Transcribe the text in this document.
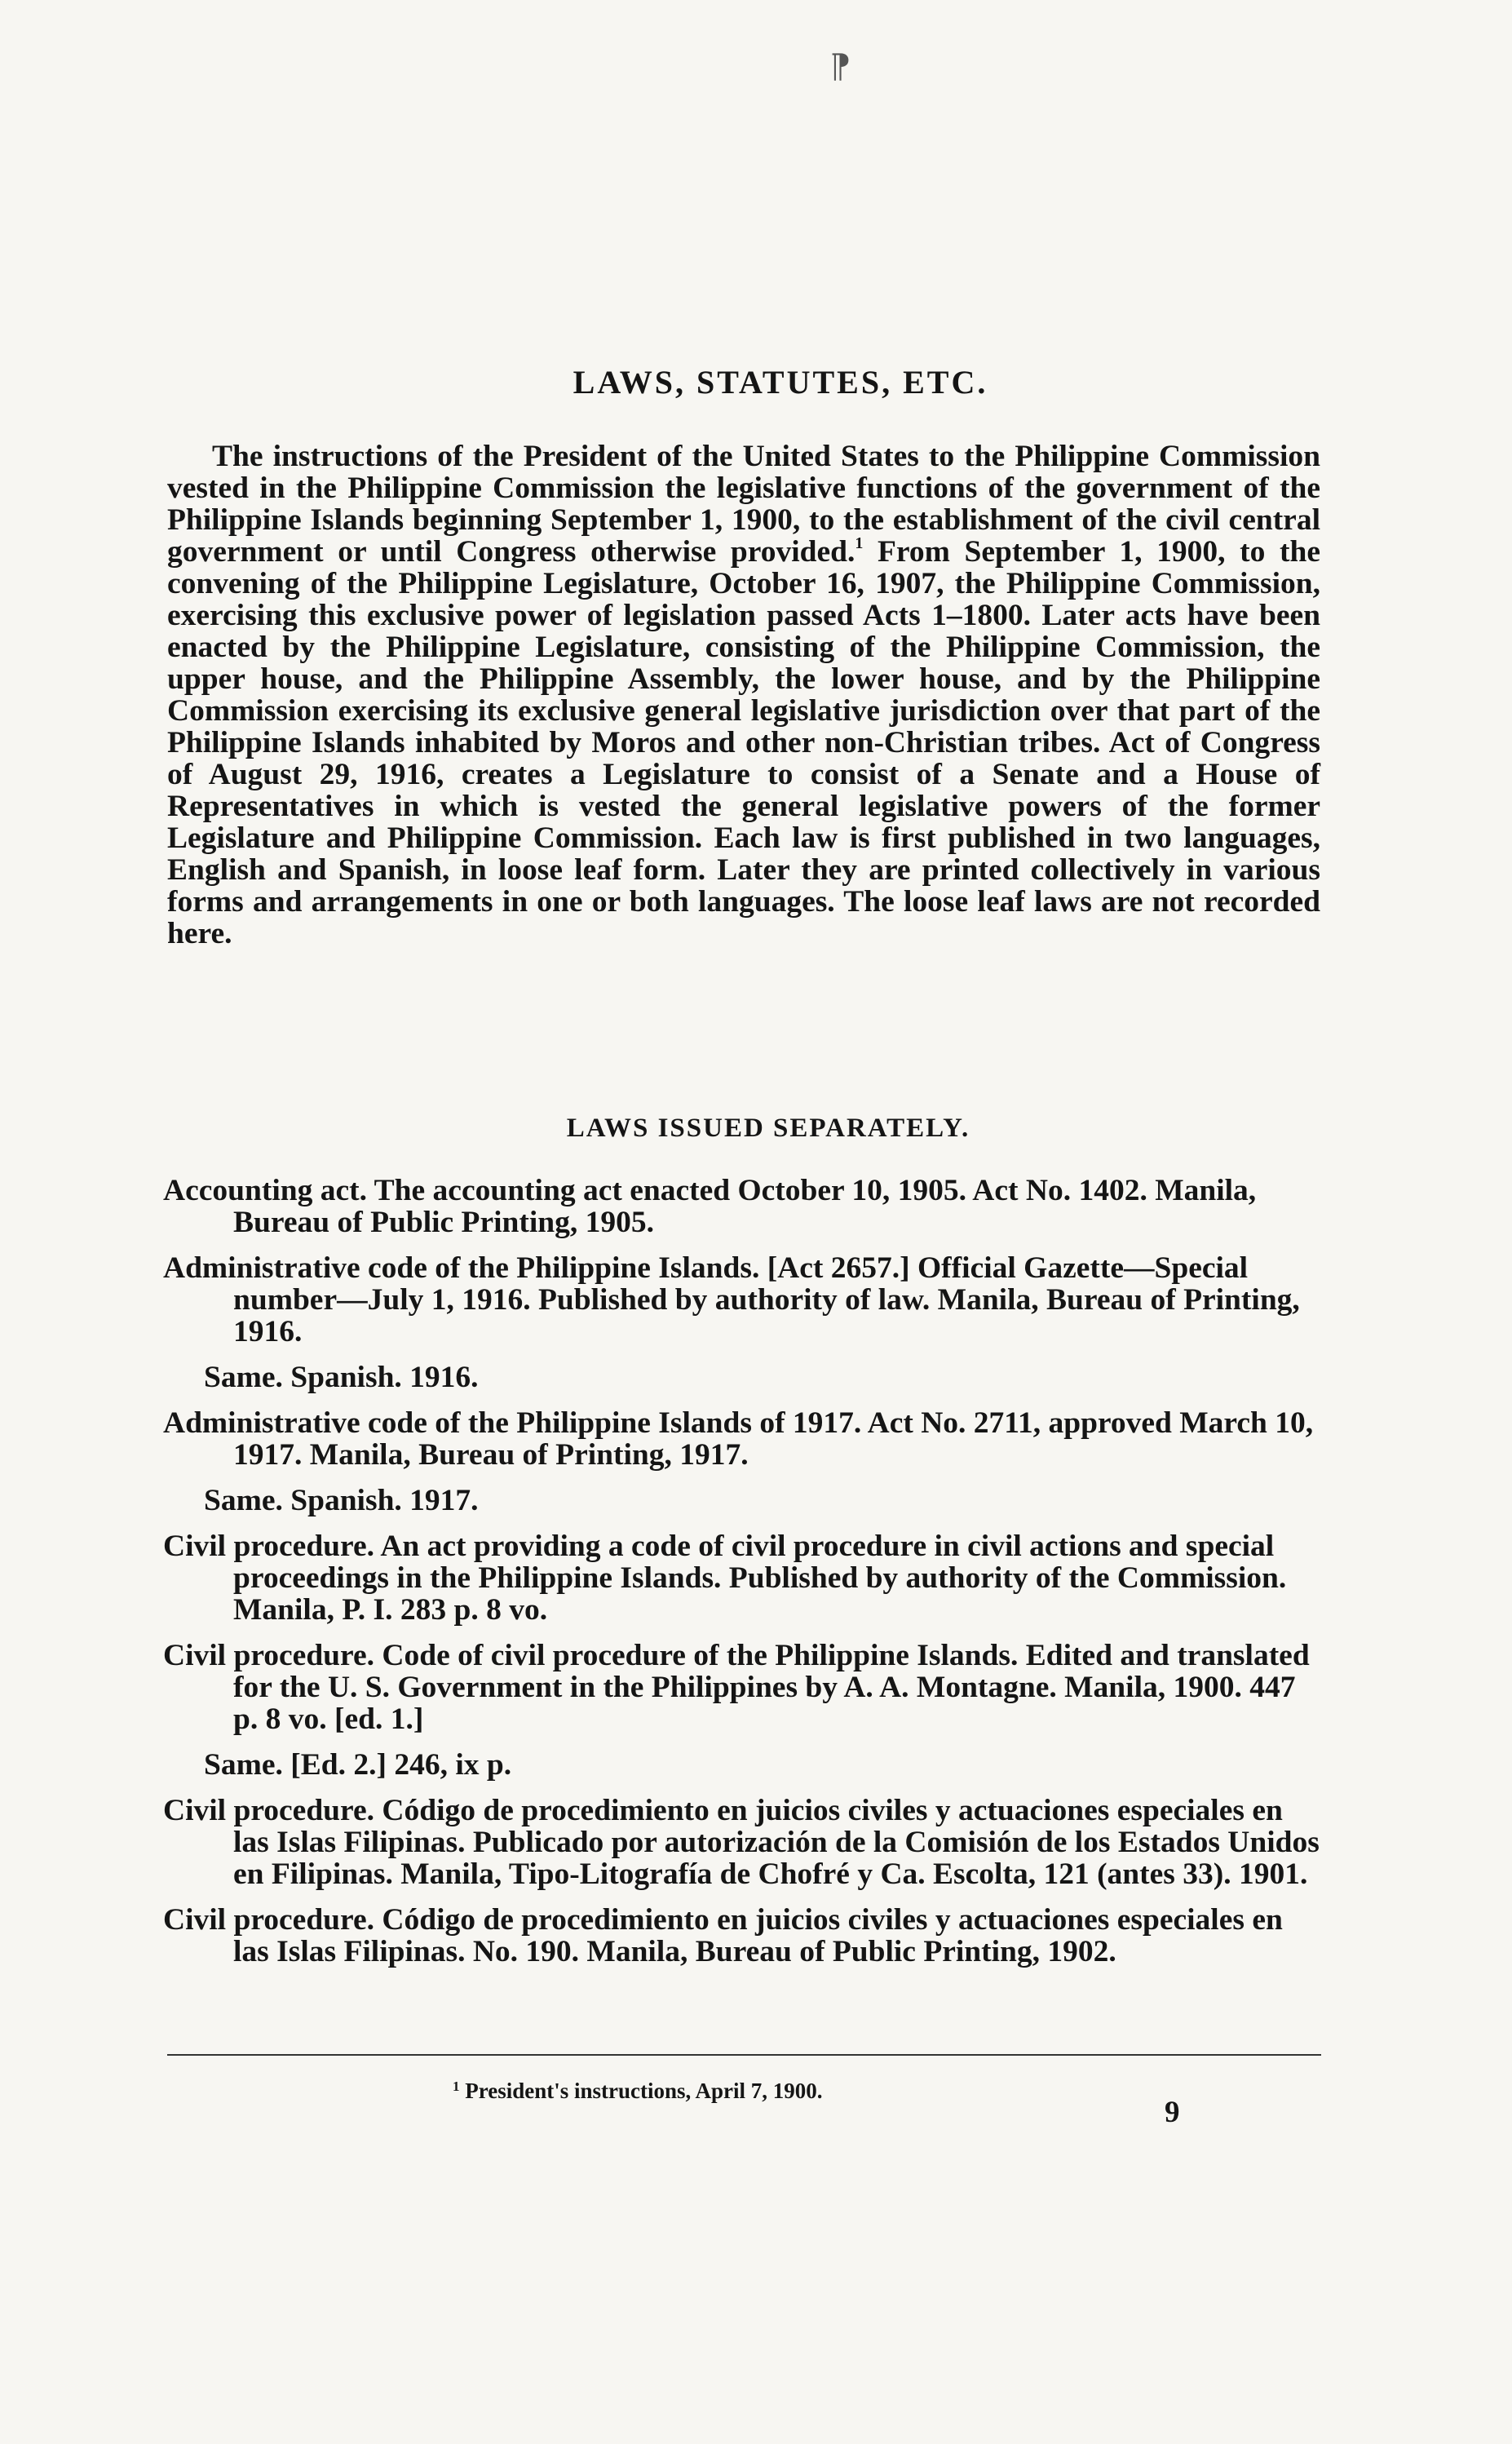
⁋
LAWS, STATUTES, ETC.
The instructions of the President of the United States to the Philippine Commission vested in the Philippine Commission the legislative functions of the government of the Philippine Islands beginning September 1, 1900, to the establishment of the civil central government or until Congress otherwise provided.$^1$ From September 1, 1900, to the convening of the Philippine Legislature, October 16, 1907, the Philippine Commission, exercising this exclusive power of legislation passed Acts 1–1800. Later acts have been enacted by the Philippine Legislature, consisting of the Philippine Commission, the upper house, and the Philippine Assembly, the lower house, and by the Philippine Commission exercising its exclusive general legislative jurisdiction over that part of the Philippine Islands inhabited by Moros and other non-Christian tribes. Act of Congress of August 29, 1916, creates a Legislature to consist of a Senate and a House of Representatives in which is vested the general legislative powers of the former Legislature and Philippine Commission. Each law is first published in two languages, English and Spanish, in loose leaf form. Later they are printed collectively in various forms and arrangements in one or both languages. The loose leaf laws are not recorded here.
LAWS ISSUED SEPARATELY.
Accounting act. The accounting act enacted October 10, 1905. Act No. 1402. Manila, Bureau of Public Printing, 1905.
Administrative code of the Philippine Islands. [Act 2657.] Official Gazette—Special number—July 1, 1916. Published by authority of law. Manila, Bureau of Printing, 1916.
Same. Spanish. 1916.
Administrative code of the Philippine Islands of 1917. Act No. 2711, approved March 10, 1917. Manila, Bureau of Printing, 1917.
Same. Spanish. 1917.
Civil procedure. An act providing a code of civil procedure in civil actions and special proceedings in the Philippine Islands. Published by authority of the Commission. Manila, P. I. 283 p. 8 vo.
Civil procedure. Code of civil procedure of the Philippine Islands. Edited and translated for the U. S. Government in the Philippines by A. A. Montagne. Manila, 1900. 447 p. 8 vo. [ed. 1.]
Same. [Ed. 2.] 246, ix p.
Civil procedure. Código de procedimiento en juicios civiles y actuaciones especiales en las Islas Filipinas. Publicado por autorización de la Comisión de los Estados Unidos en Filipinas. Manila, Tipo-Litografía de Chofré y Ca. Escolta, 121 (antes 33). 1901.
Civil procedure. Código de procedimiento en juicios civiles y actuaciones especiales en las Islas Filipinas. No. 190. Manila, Bureau of Public Printing, 1902.
$^1$ President's instructions, April 7, 1900.
9
